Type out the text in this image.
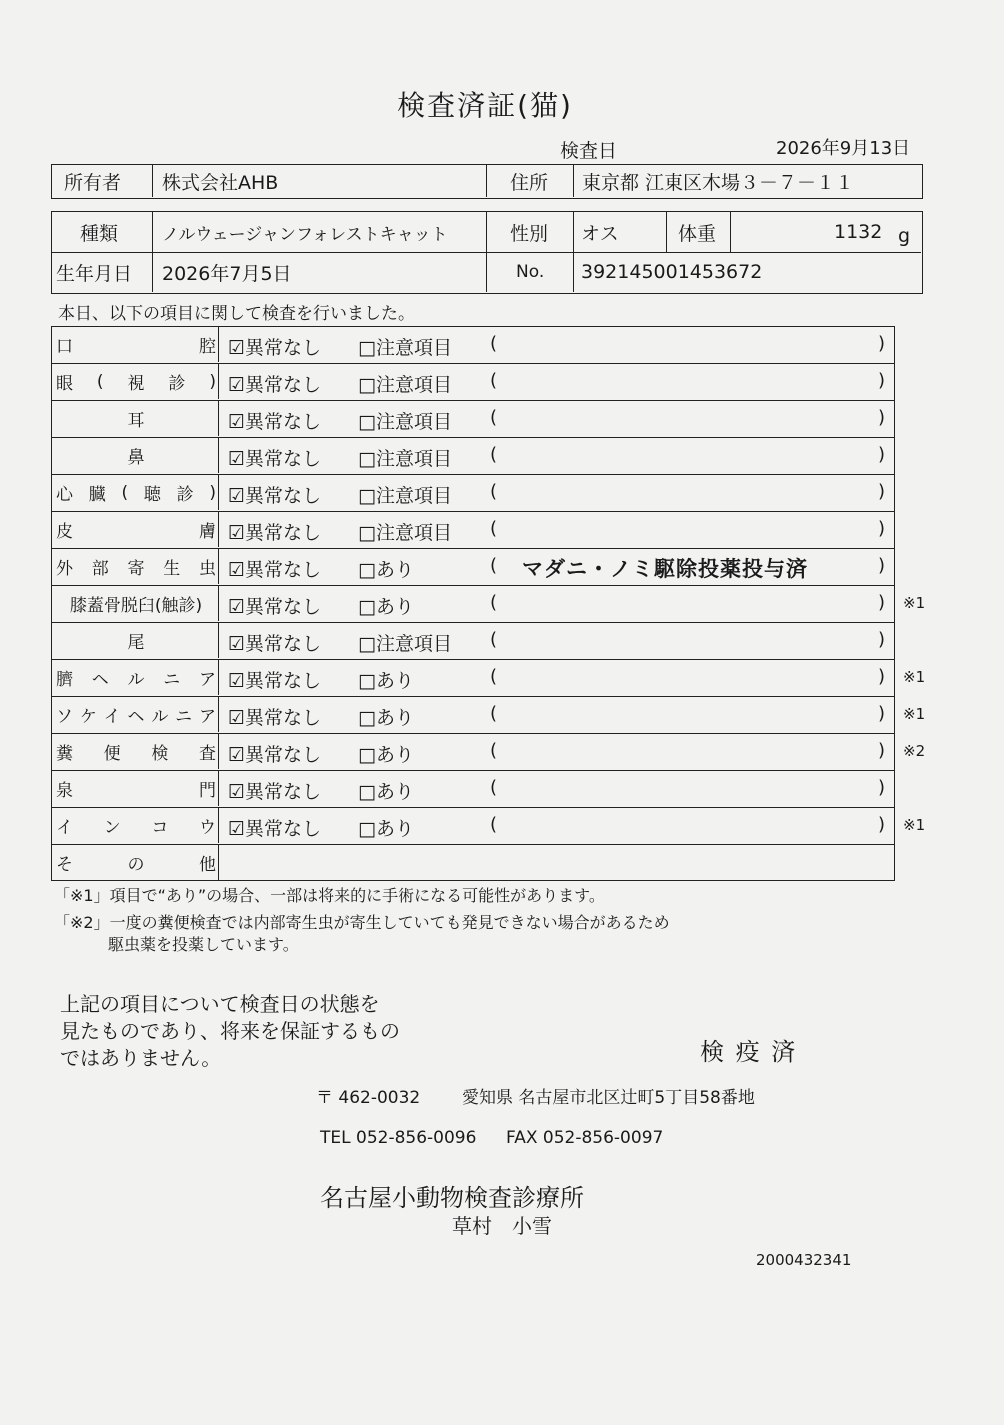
検査済証(猫)
検査日	2026年9月13日
所有者 株式会社AHB	住所 東京都 江東区木場３－７－１１
種類	ノルウェージャンフォレストキャット	性別 オス	体重	1132 g
生年月日 2026年7月5日	No. 392145001453672
本日、以下の項目に関して検査を行いました。
口	腔 ☑異常なし □注意項目 (	)
眼 ( 視 診 ) ☑異常なし □注意項目 (	)
耳	☑異常なし □注意項目 (	)
鼻	☑異常なし □注意項目 (	)
心 臓 ( 聴 診 ) ☑異常なし □注意項目 (	)
皮	膚 ☑異常なし □注意項目 (	)
外 部 寄 生 虫 ☑異常なし □あり	( マダニ・ノミ駆除投薬投与済	)
膝蓋骨脱臼(触診) ☑異常なし □あり	(	) ※1
尾	☑異常なし □注意項目 (	)
臍 ヘ ル ニ ア ☑異常なし □あり	(	) ※1
ソ ケ イ ヘ ル ニ ア ☑異常なし □あり	(	) ※1
糞 便 検 査 ☑異常なし □あり	(	) ※2
泉	門 ☑異常なし □あり	(	)
イ ン コ ウ ☑異常なし □あり	(	) ※1
そ	の	他
「※1」項目で“あり”の場合、一部は将来的に手術になる可能性があります。
「※2」一度の糞便検査では内部寄生虫が寄生していても発見できない場合があるため
駆虫薬を投薬しています。
上記の項目について検査日の状態を
見たものであり、将来を保証するもの
ではありません。	検 疫 済
〒 462-0032 愛知県 名古屋市北区辻町5丁目58番地
TEL 052-856-0096 FAX 052-856-0097
名古屋小動物検査診療所
草村　小雪
2000432341
